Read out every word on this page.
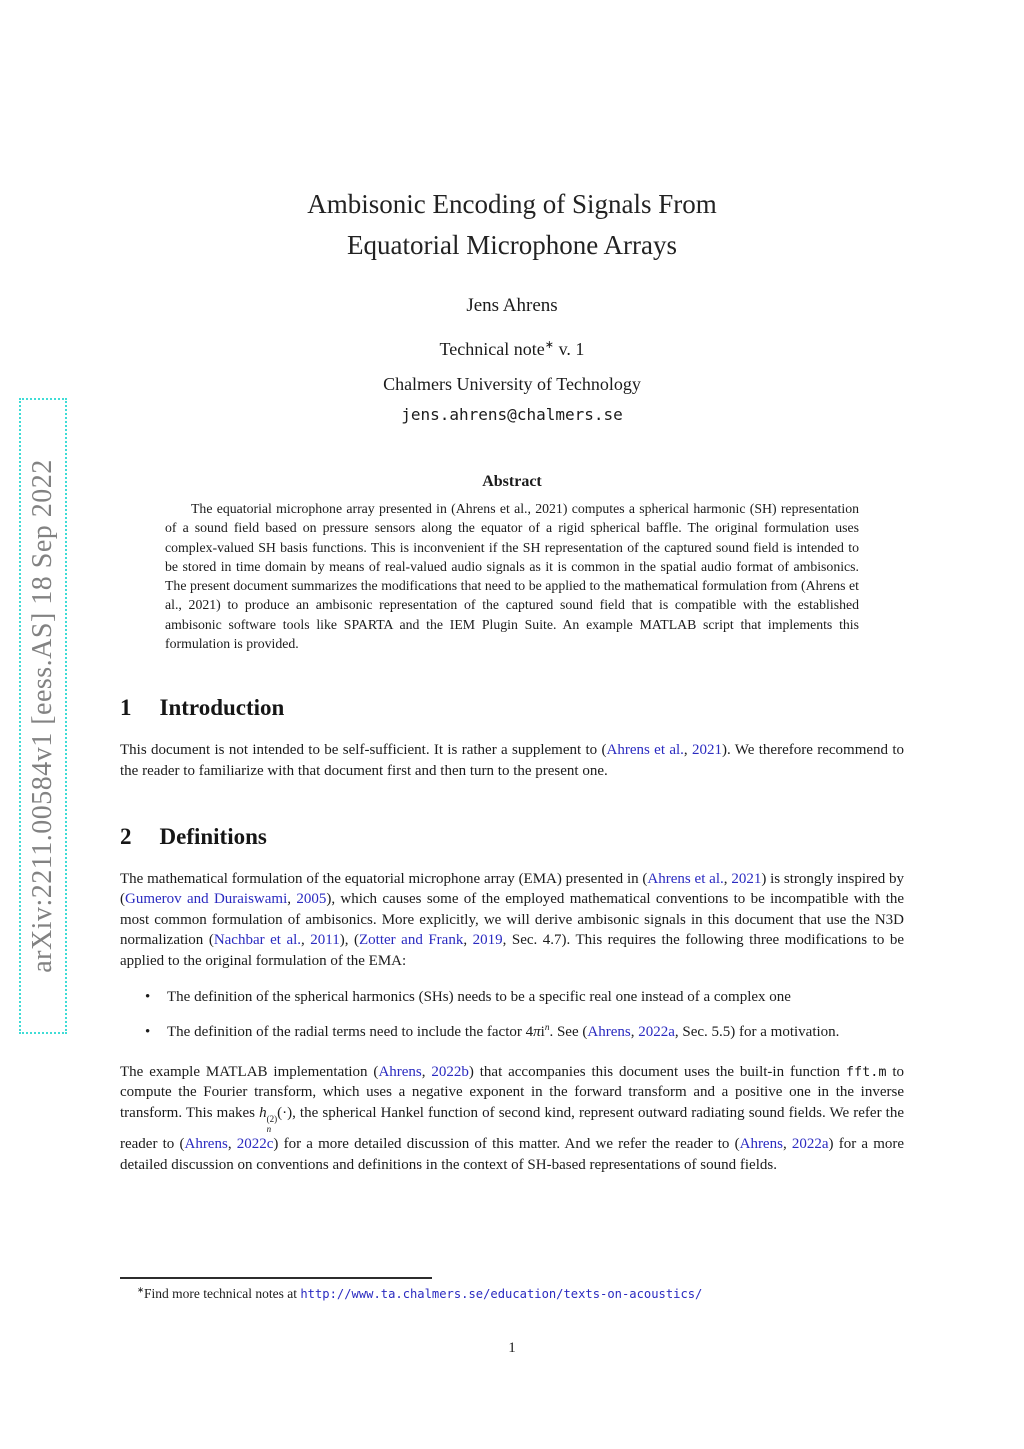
arXiv:2211.00584v1 [eess.AS] 18 Sep 2022
Ambisonic Encoding of Signals From
Equatorial Microphone Arrays
Jens Ahrens
Technical note∗ v. 1
Chalmers University of Technology
jens.ahrens@chalmers.se
Abstract

The equatorial microphone array presented in (Ahrens et al., 2021) computes a spherical harmonic (SH) representation of a sound field based on pressure sensors along the equator of a rigid spherical baffle. The original formulation uses complex-valued SH basis functions. This is inconvenient if the SH representation of the captured sound field is intended to be stored in time domain by means of real-valued audio signals as it is common in the spatial audio format of ambisonics. The present document summarizes the modifications that need to be applied to the mathematical formulation from (Ahrens et al., 2021) to produce an ambisonic representation of the captured sound field that is compatible with the established ambisonic software tools like SPARTA and the IEM Plugin Suite. An example MATLAB script that implements this formulation is provided.

1 Introduction

This document is not intended to be self-sufficient. It is rather a supplement to (Ahrens et al., 2021). We therefore recommend to the reader to familiarize with that document first and then turn to the present one.

2 Definitions

The mathematical formulation of the equatorial microphone array (EMA) presented in (Ahrens et al., 2021) is strongly inspired by (Gumerov and Duraiswami, 2005), which causes some of the employed mathematical conventions to be incompatible with the most common formulation of ambisonics. More explicitly, we will derive ambisonic signals in this document that use the N3D normalization (Nachbar et al., 2011), (Zotter and Frank, 2019, Sec. 4.7). This requires the following three modifications to be applied to the original formulation of the EMA:

• The definition of the spherical harmonics (SHs) needs to be a specific real one instead of a complex one
• The definition of the radial terms need to include the factor $4\pi i^n$. See (Ahrens, 2022a, Sec. 5.5) for a motivation.

The example MATLAB implementation (Ahrens, 2022b) that accompanies this document uses the built-in function fft.m to compute the Fourier transform, which uses a negative exponent in the forward transform and a positive one in the inverse transform. This makes h (2)
n
(·), the spherical Hankel function of second kind, represent outward radiating sound fields. We refer the reader to (Ahrens, 2022c) for a more detailed discussion of this matter. And we refer the reader to (Ahrens, 2022a) for a more detailed discussion on conventions and definitions in the context of SH-based representations of sound fields.

∗Find more technical notes at http://www.ta.chalmers.se/education/texts-on-acoustics/

1
